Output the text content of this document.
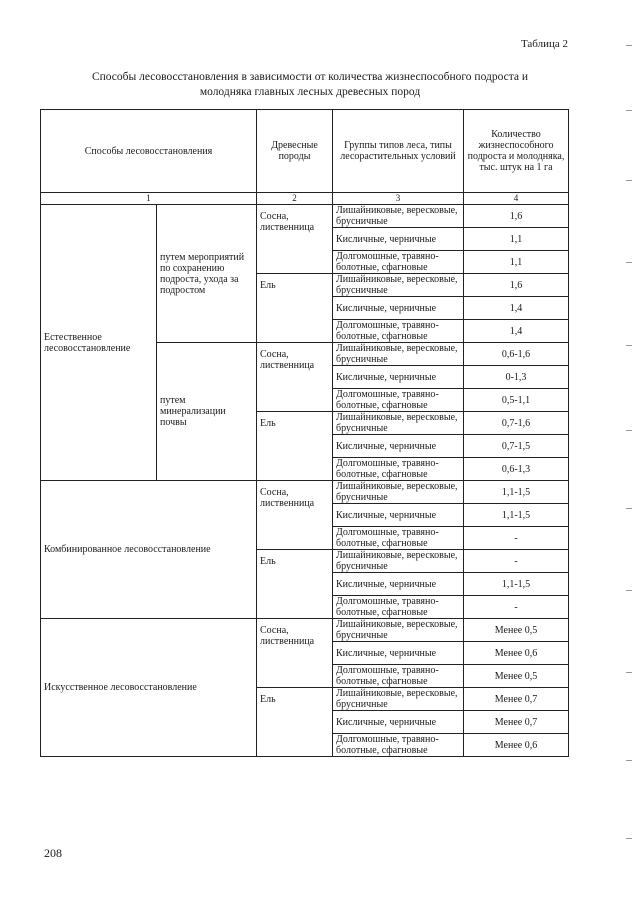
Таблица 2
Способы лесовосстановления в зависимости от количества жизнеспособного подроста и
молодняка главных лесных древесных пород
Способы лесовосстановления		Древесные породы	Группы типов леса, типы лесорастительных условий	Количество жизнеспособного подроста и молодняка, тыс. штук на 1 га
1		2	3	4
Естественное лесовосстановление	путем мероприятий по сохранению подроста, ухода за подростом	Сосна, лиственница	Лишайниковые, вересковые, брусничные	1,6
			Кисличные, черничные	1,1
			Долгомошные, травяно-болотные, сфагновые	1,1
		Ель	Лишайниковые, вересковые, брусничные	1,6
			Кисличные, черничные	1,4
			Долгомошные, травяно-болотные, сфагновые	1,4
	путем минерализации почвы	Сосна, лиственница	Лишайниковые, вересковые, брусничные	0,6-1,6
			Кисличные, черничные	0-1,3
			Долгомошные, травяно-болотные, сфагновые	0,5-1,1
		Ель	Лишайниковые, вересковые, брусничные	0,7-1,6
			Кисличные, черничные	0,7-1,5
			Долгомошные, травяно-болотные, сфагновые	0,6-1,3
Комбинированное лесовосстановление		Сосна, лиственница	Лишайниковые, вересковые, брусничные	1,1-1,5
			Кисличные, черничные	1,1-1,5
			Долгомошные, травяно-болотные, сфагновые	-
		Ель	Лишайниковые, вересковые, брусничные	-
			Кисличные, черничные	1,1-1,5
			Долгомошные, травяно-болотные, сфагновые	-
Искусственное лесовосстановление		Сосна, лиственница	Лишайниковые, вересковые, брусничные	Менее 0,5
			Кисличные, черничные	Менее 0,6
			Долгомошные, травяно-болотные, сфагновые	Менее 0,5
		Ель	Лишайниковые, вересковые, брусничные	Менее 0,7
			Кисличные, черничные	Менее 0,7
			Долгомошные, травяно-болотные, сфагновые	Менее 0,6
208
